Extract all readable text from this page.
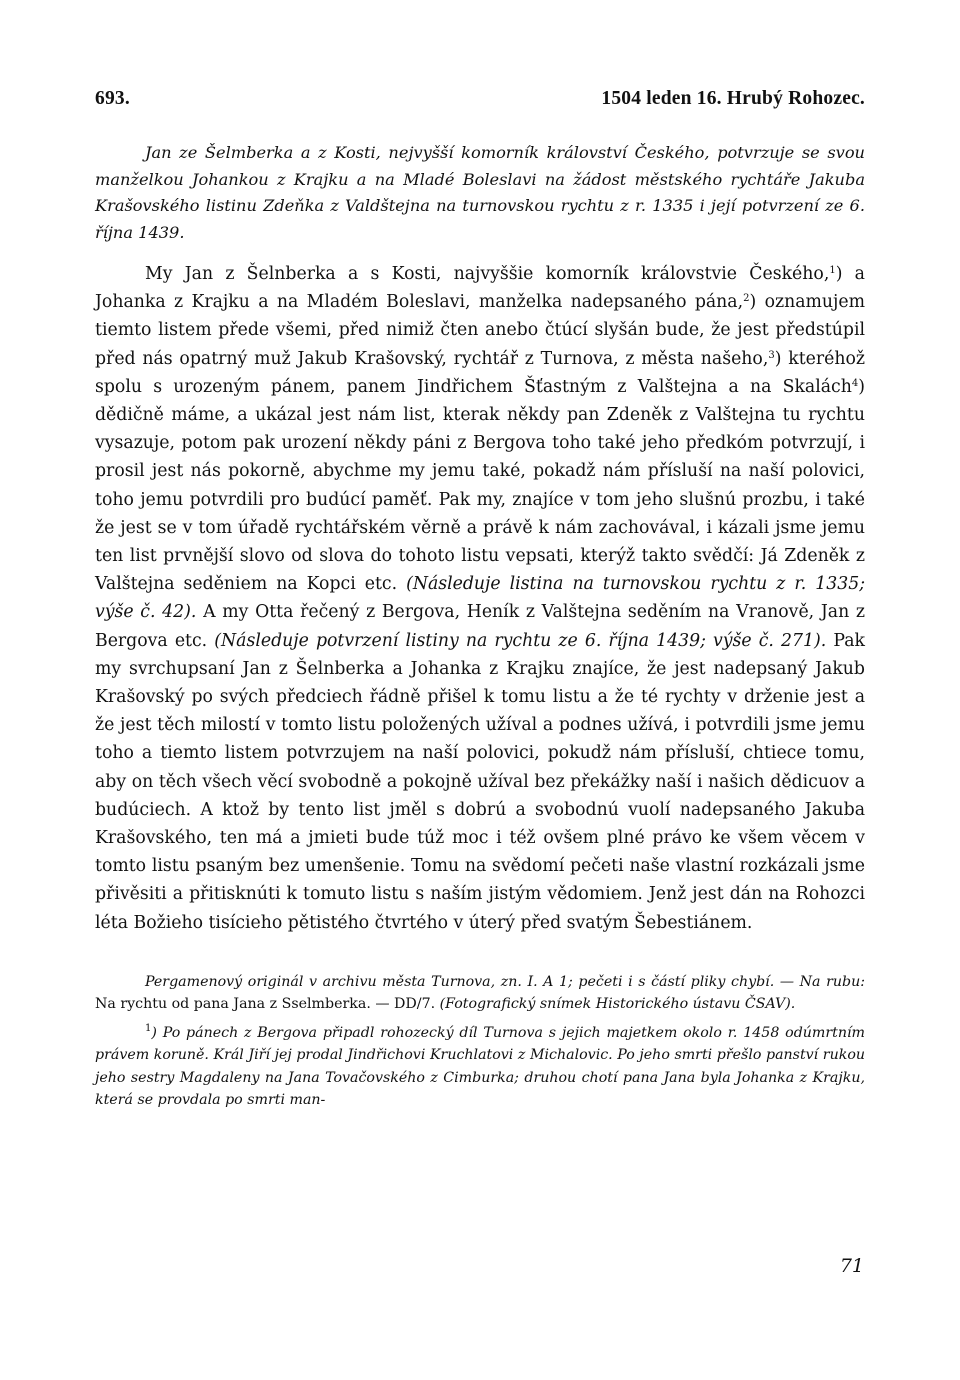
693.	1504 leden 16. Hrubý Rohozec.

Jan ze Šelmberka a z Kosti, nejvyšší komorník království Českého, potvrzuje se svou manželkou Johankou z Krajku a na Mladé Boleslavi na žádost městského rychtáře Jakuba Krašovského listinu Zdeňka z Valdštejna na turnovskou rychtu z r. 1335 i její potvrzení ze 6. října 1439.

My Jan z Šelnberka a s Kosti, najvyššie komorník královstvie Českého,$^1$) a Johanka z Krajku a na Mladém Boleslavi, manželka nadepsaného pána,$^2$) oznamujem tiemto listem přede všemi, před nimiž čten anebo čtúcí slyšán bude, že jest předstúpil před nás opatrný muž Jakub Krašovský, rychtář z Turnova, z města našeho,$^3$) kteréhož spolu s urozeným pánem, panem Jindřichem Šťastným z Valštejna a na Skalách$^4$) dědičně máme, a ukázal jest nám list, kterak někdy pan Zdeněk z Valštejna tu rychtu vysazuje, potom pak urození někdy páni z Bergova toho také jeho předkóm potvrzují, i prosil jest nás pokorně, abychme my jemu také, pokadž nám přísluší na naší polovici, toho jemu potvrdili pro budúcí paměť. Pak my, znajíce v tom jeho slušnú prozbu, i také že jest se v tom úřadě rychtářském věrně a právě k nám zachovával, i kázali jsme jemu ten list prvnější slovo od slova do tohoto listu vepsati, kterýž takto svědčí: Já Zdeněk z Valštejna seděniem na Kopci etc. (Následuje listina na turnovskou rychtu z r. 1335; výše č. 42). A my Otta řečený z Bergova, Heník z Valštejna seděním na Vranově, Jan z Bergova etc. (Následuje potvrzení listiny na rychtu ze 6. října 1439; výše č. 271). Pak my svrchupsaní Jan z Šelnberka a Johanka z Krajku znajíce, že jest nadepsaný Jakub Krašovský po svých předciech řádně přišel k tomu listu a že té rychty v drženie jest a že jest těch milostí v tomto listu položených užíval a podnes užívá, i potvrdili jsme jemu toho a tiemto listem potvrzujem na naší polovici, pokudž nám přísluší, chtiece tomu, aby on těch všech věcí svobodně a pokojně užíval bez překážky naší i našich dědicuov a budúciech. A ktož by tento list jměl s dobrú a svobodnú vuolí nadepsaného Jakuba Krašovského, ten má a jmieti bude túž moc i též ovšem plné právo ke všem věcem v tomto listu psaným bez umenšenie. Tomu na svědomí pečeti naše vlastní rozkázali jsme přivěsiti a přitisknúti k tomuto listu s naším jistým vědomiem. Jenž jest dán na Rohozci léta Božieho tisícieho pětistého čtvrtého v úterý před svatým Šebestiánem.

Pergamenový originál v archivu města Turnova, zn. I. A 1; pečeti i s částí pliky chybí. — Na rubu: Na rychtu od pana Jana z Sselmberka. — DD/7. (Fotografický snímek Historického ústavu ČSAV).

$^1$) Po pánech z Bergova připadl rohozecký díl Turnova s jejich majetkem okolo r. 1458 odúmrtním právem koruně. Král Jiří jej prodal Jindřichovi Kruchlatovi z Michalovic. Po jeho smrti přešlo panství rukou jeho sestry Magdaleny na Jana Tovačovského z Cimburka; druhou chotí pana Jana byla Johanka z Krajku, která se provdala po smrti man-

71
